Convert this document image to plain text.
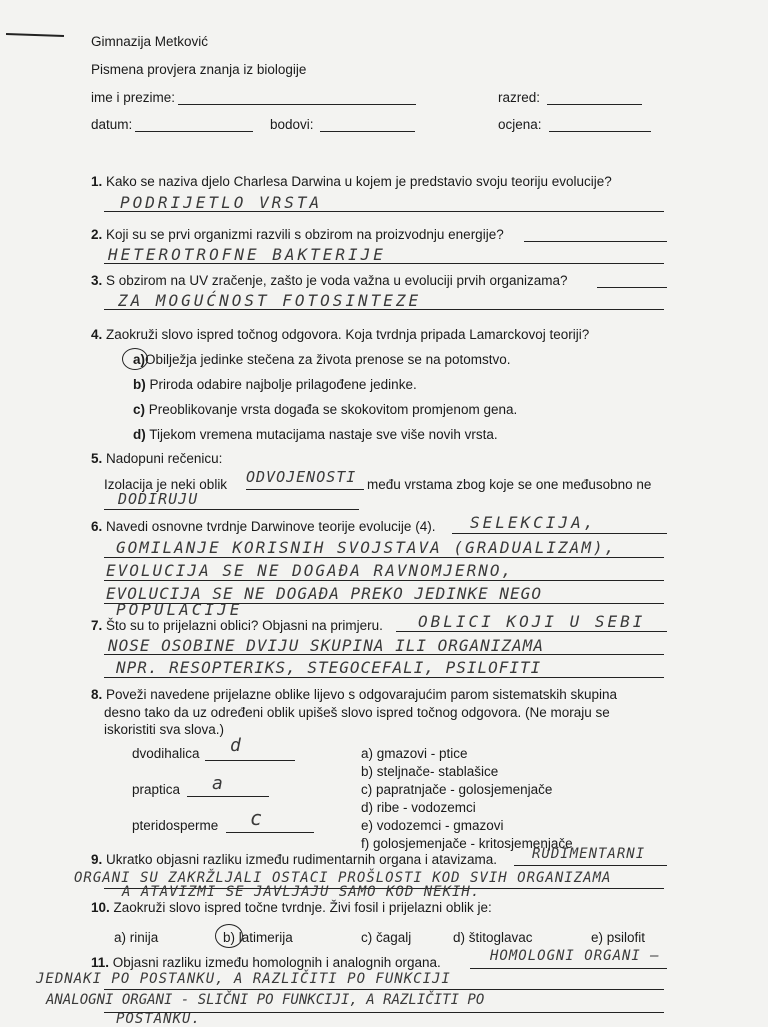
Gimnazija Metković
Pismena provjera znanja iz biologije
ime i prezime:	razred:
datum:	bodovi:	ocjena:
1. Kako se naziva djelo Charlesa Darwina u kojem je predstavio svoju teoriju evolucije?
PODRIJETLO VRSTA
2. Koji su se prvi organizmi razvili s obzirom na proizvodnju energije?
HETEROTROFNE BAKTERIJE
3. S obzirom na UV zračenje, zašto je voda važna u evoluciji prvih organizama?
ZA MOGUĆNOST FOTOSINTEZE
4. Zaokruži slovo ispred točnog odgovora. Koja tvrdnja pripada Lamarckovoj teoriji?
a)Obilježja jedinke stečena za života prenose se na potomstvo.
b) Priroda odabire najbolje prilagođene jedinke.
c) Preoblikovanje vrsta događa se skokovitom promjenom gena.
d) Tijekom vremena mutacijama nastaje sve više novih vrsta.
5. Nadopuni rečenicu:
Izolacija je neki oblik ODVOJENOSTI među vrstama zbog koje se one međusobno ne
DODIRUJU
6. Navedi osnovne tvrdnje Darwinove teorije evolucije (4). SELEKCIJA,
GOMILANJE KORISNIH SVOJSTAVA (GRADUALIZAM),
EVOLUCIJA SE NE DOGAĐA RAVNOMJERNO,
EVOLUCIJA SE NE DOGAĐA PREKO JEDINKE NEGO
POPULACIJE
7. Što su to prijelazni oblici? Objasni na primjeru. OBLICI KOJI U SEBI
NOSE OSOBINE DVIJU SKUPINA ILI ORGANIZAMA
NPR. RESOPTERIKS, STEGOCEFALI, PSILOFITI
8. Poveži navedene prijelazne oblike lijevo s odgovarajućim parom sistematskih skupina
desno tako da uz određeni oblik upišeš slovo ispred točnog odgovora. (Ne moraju se
iskoristiti sva slova.)
dvodihalica d
praptica a
pteridosperme c
a) gmazovi - ptice
b) steljnače- stablašice
c) papratnjače - golosjemenjače
d) ribe - vodozemci
e) vodozemci - gmazovi
f) golosjemenjače - kritosjemenjače
9. Ukratko objasni razliku između rudimentarnih organa i atavizama.	RUDIMENTARNI
ORGANI SU ZAKRŽLJALI OSTACI PROŠLOSTI KOD SVIH ORGANIZAMA
A ATAVIZMI SE JAVLJAJU SAMO KOD NEKIH.
10. Zaokruži slovo ispred točne tvrdnje. Živi fosil i prijelazni oblik je:
a) rinija	b) latimerija	c) čagalj	d) štitoglavac	e) psilofit
11. Objasni razliku između homolognih i analognih organa.	HOMOLOGNI ORGANI –
JEDNAKI PO POSTANKU, A RAZLIČITI PO FUNKCIJI
ANALOGNI ORGANI - SLIČNI PO FUNKCIJI, A RAZLIČITI PO
POSTANKU.
